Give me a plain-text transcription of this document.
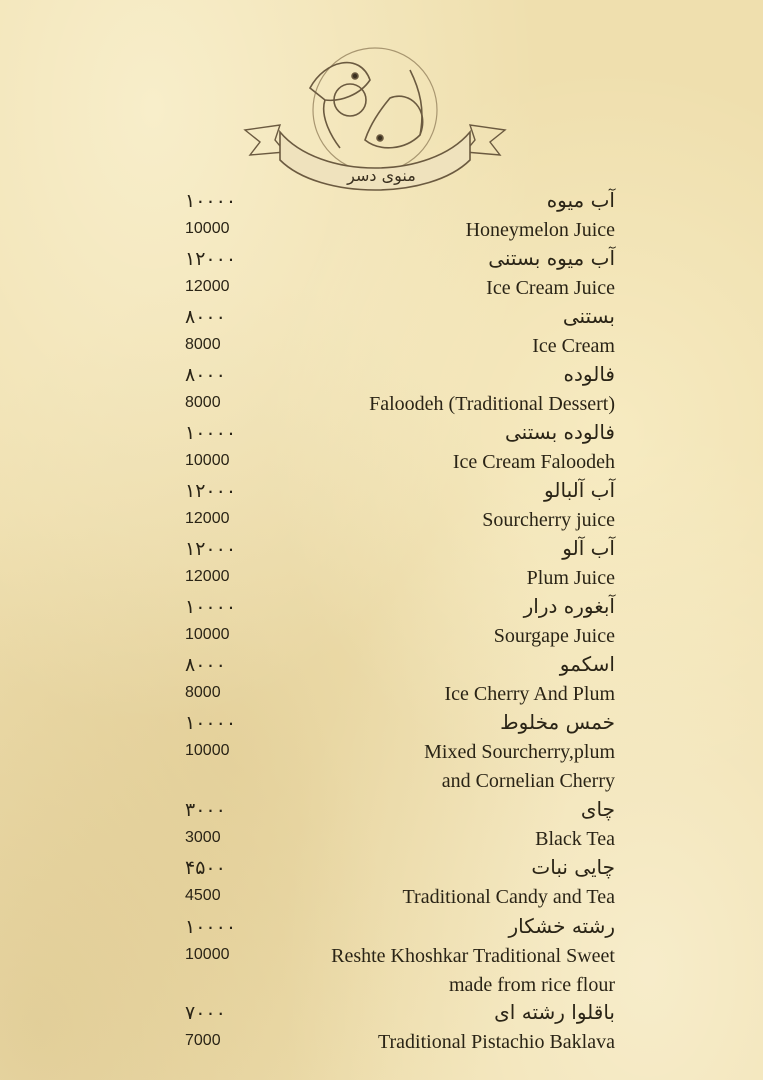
منوی دسر
آب میوه
۱۰۰۰۰
Honeymelon Juice
10000
آب میوه بستنی
۱۲۰۰۰
Ice Cream Juice
12000
بستنی
۸۰۰۰
Ice Cream
8000
فالوده
۸۰۰۰
Faloodeh (Traditional Dessert)
8000
فالوده بستنی
۱۰۰۰۰
Ice Cream Faloodeh
10000
آب آلبالو
۱۲۰۰۰
Sourcherry juice
12000
آب آلو
۱۲۰۰۰
Plum Juice
12000
آبغوره درار
۱۰۰۰۰
Sourgape Juice
10000
اسکمو
۸۰۰۰
Ice Cherry And Plum
8000
خمس مخلوط
۱۰۰۰۰
Mixed Sourcherry,plum
and Cornelian Cherry
10000
چای
۳۰۰۰
Black Tea
3000
چایی نبات
۴۵۰۰
Traditional Candy and Tea
4500
رشته خشکار
۱۰۰۰۰
Reshte Khoshkar Traditional Sweet
made from rice flour
10000
باقلوا رشته ای
۷۰۰۰
Traditional Pistachio Baklava
7000
